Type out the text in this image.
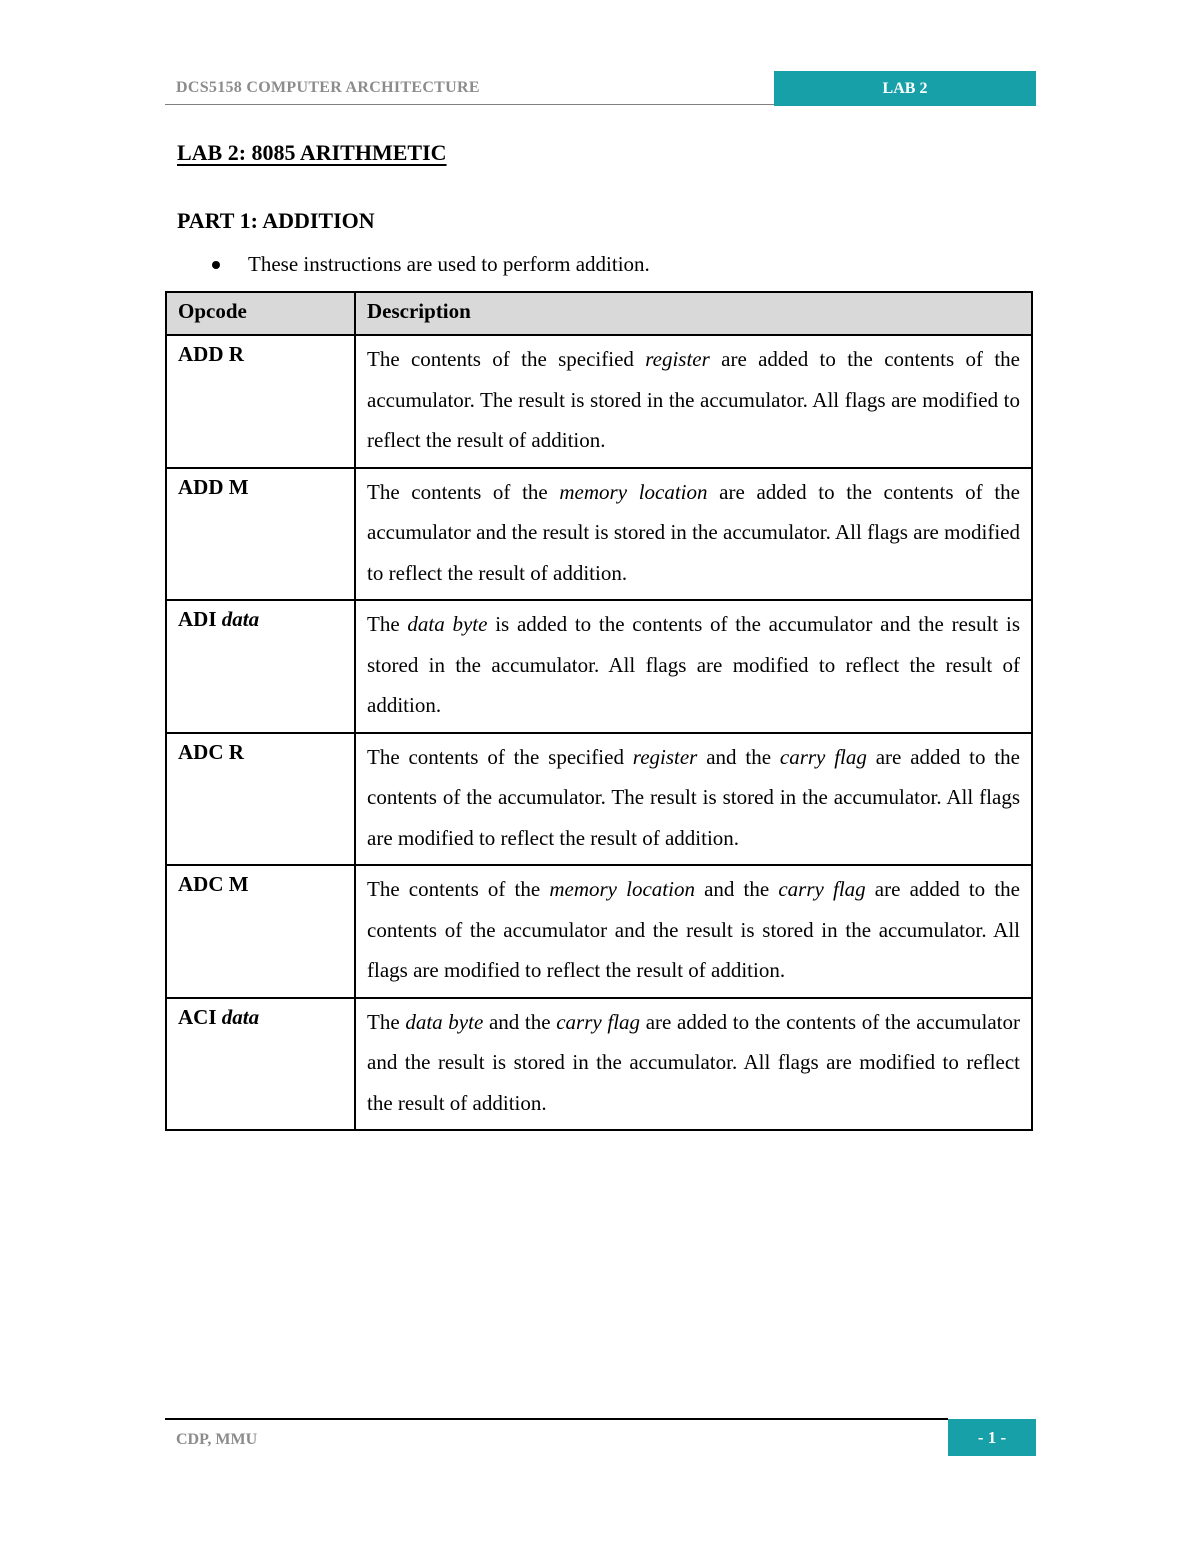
DCS5158 COMPUTER ARCHITECTURE	LAB 2
LAB 2: 8085 ARITHMETIC
PART 1: ADDITION
These instructions are used to perform addition.
Opcode	Description
ADD R	The contents of the specified register are added to the contents of the accumulator. The result is stored in the accumulator. All flags are modified to reflect the result of addition.
ADD M	The contents of the memory location are added to the contents of the accumulator and the result is stored in the accumulator. All flags are modified to reflect the result of addition.
ADI data	The data byte is added to the contents of the accumulator and the result is stored in the accumulator. All flags are modified to reflect the result of addition.
ADC R	The contents of the specified register and the carry flag are added to the contents of the accumulator. The result is stored in the accumulator. All flags are modified to reflect the result of addition.
ADC M	The contents of the memory location and the carry flag are added to the contents of the accumulator and the result is stored in the accumulator. All flags are modified to reflect the result of addition.
ACI data	The data byte and the carry flag are added to the contents of the accumulator and the result is stored in the accumulator. All flags are modified to reflect the result of addition.
CDP, MMU	- 1 -
